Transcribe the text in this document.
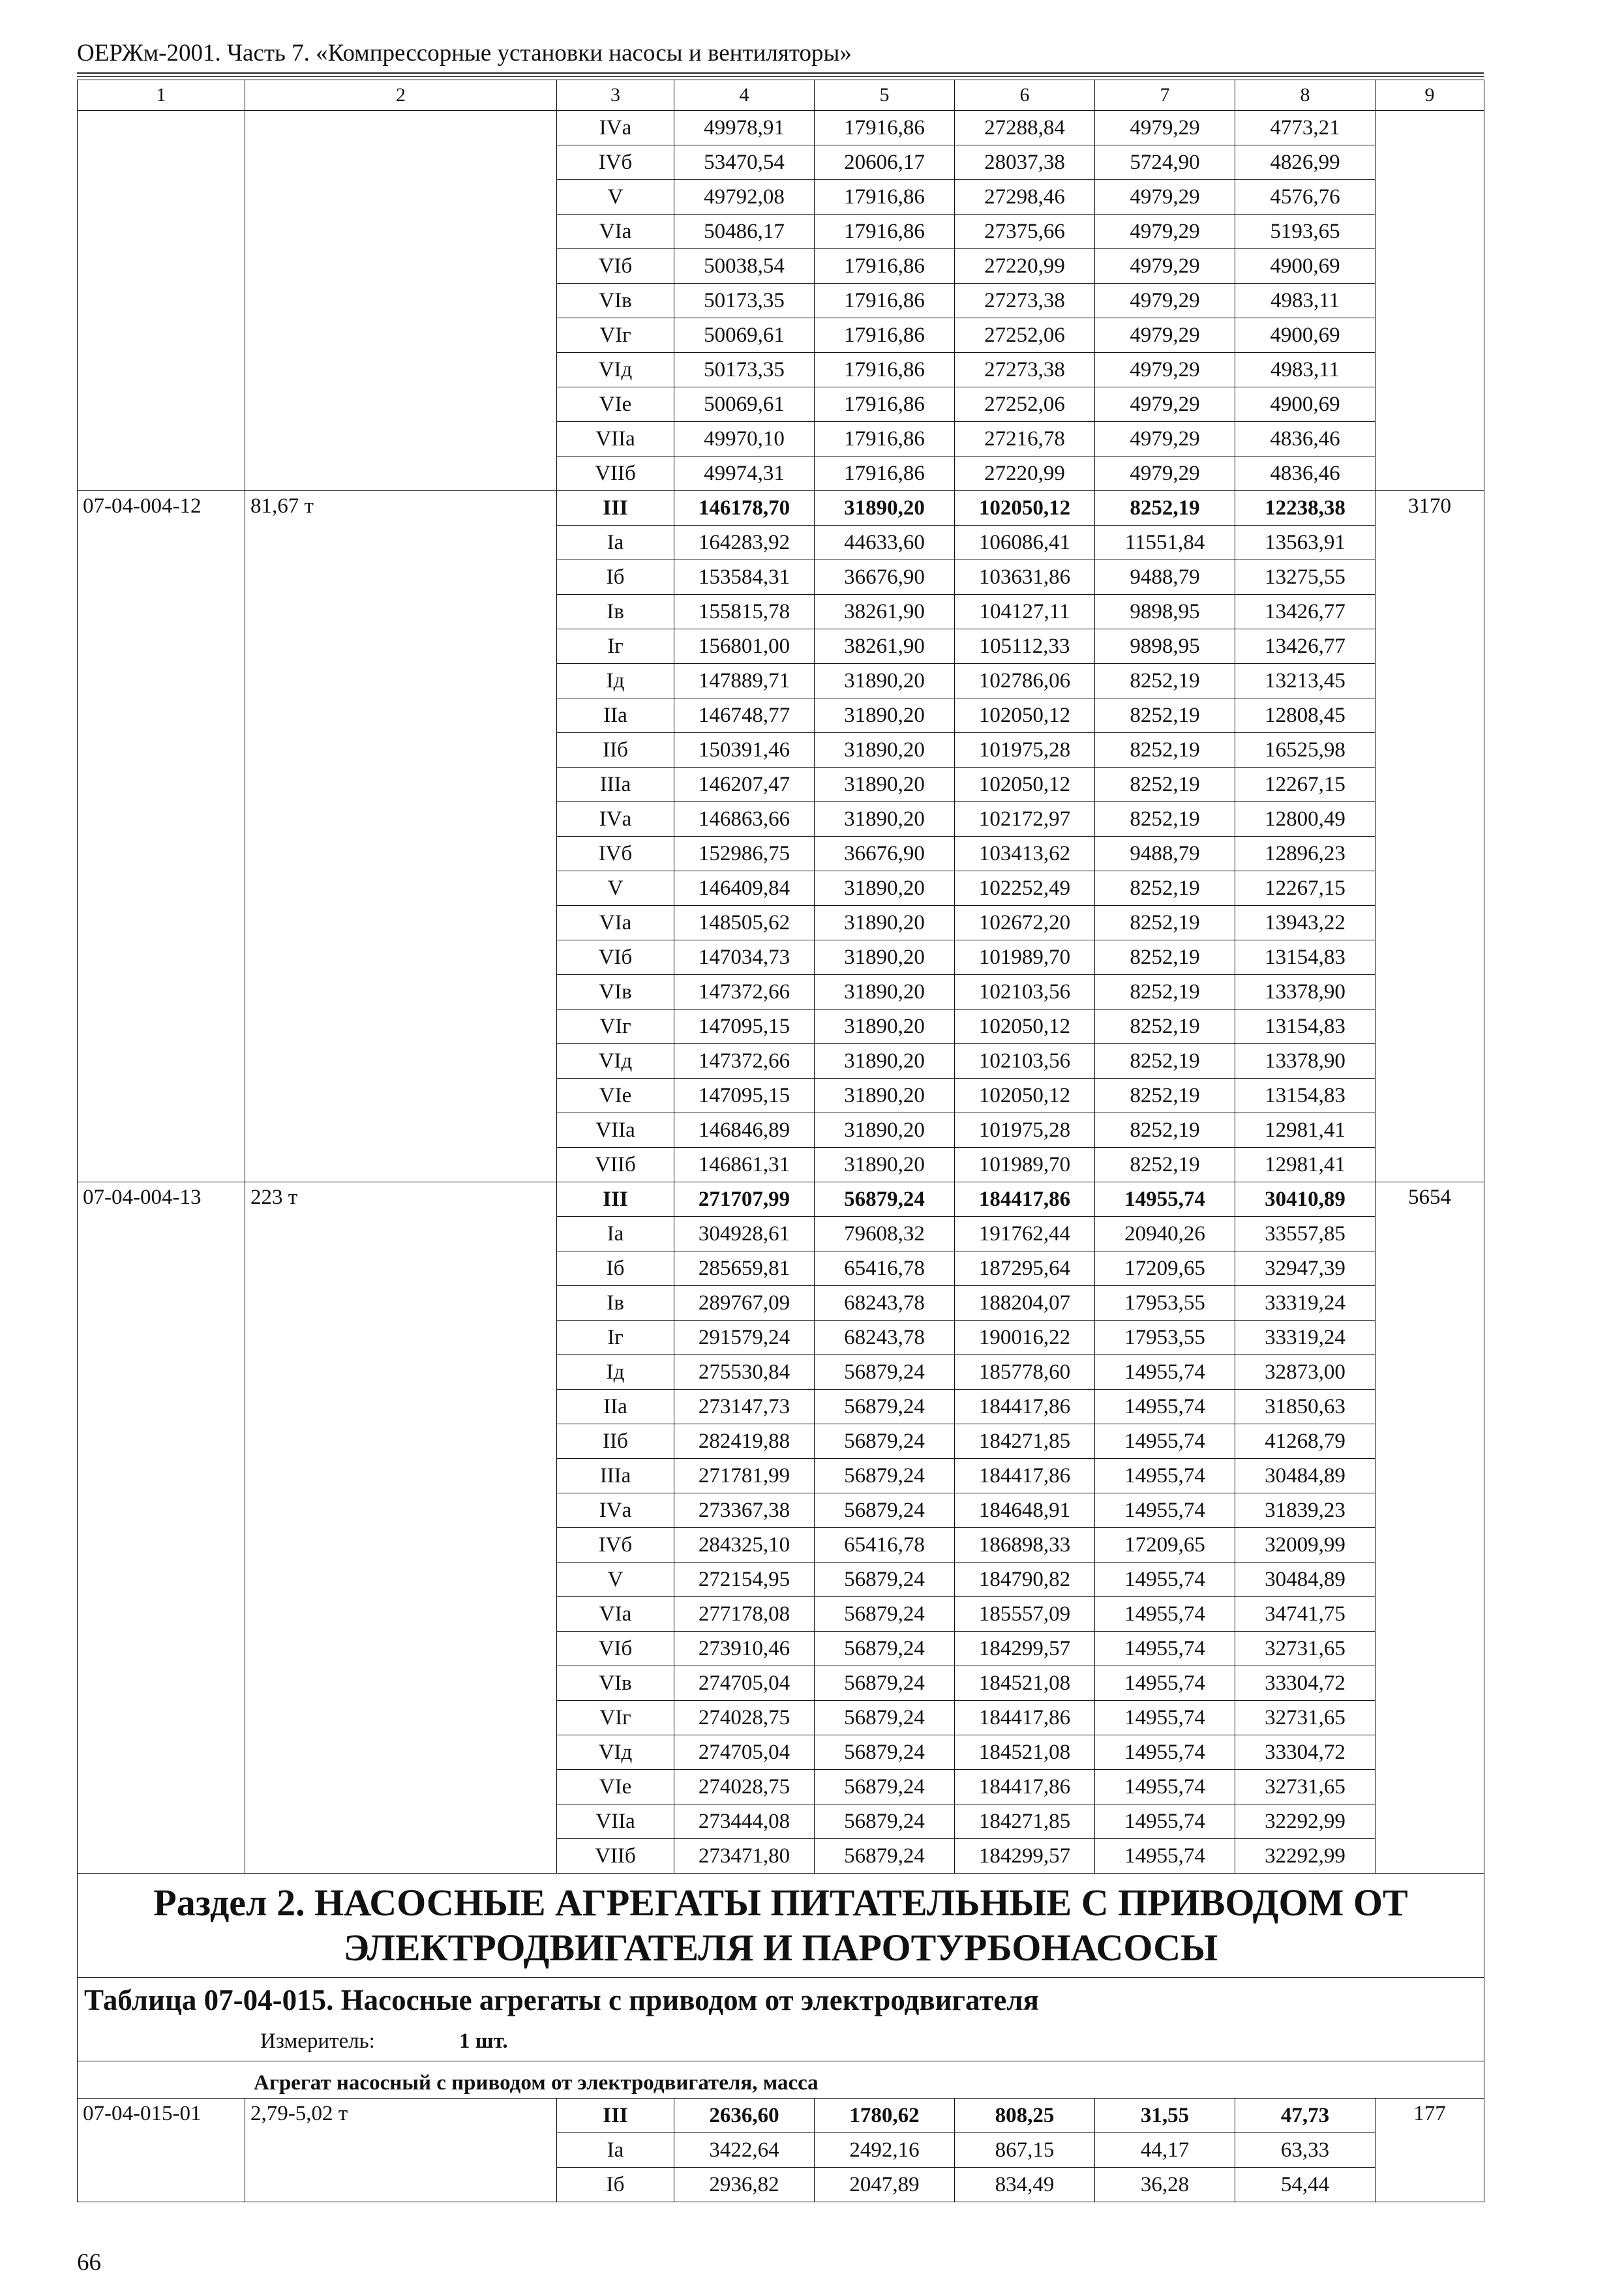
ОЕРЖм-2001. Часть 7. «Компрессорные установки насосы и вентиляторы»
1	2	3	4	5	6	7	8	9
		IVа	49978,91	17916,86	27288,84	4979,29	4773,21	
		IVб	53470,54	20606,17	28037,38	5724,90	4826,99	
		V	49792,08	17916,86	27298,46	4979,29	4576,76	
		VIа	50486,17	17916,86	27375,66	4979,29	5193,65	
		VIб	50038,54	17916,86	27220,99	4979,29	4900,69	
		VIв	50173,35	17916,86	27273,38	4979,29	4983,11	
		VIг	50069,61	17916,86	27252,06	4979,29	4900,69	
		VIд	50173,35	17916,86	27273,38	4979,29	4983,11	
		VIе	50069,61	17916,86	27252,06	4979,29	4900,69	
		VIIа	49970,10	17916,86	27216,78	4979,29	4836,46	
		VIIб	49974,31	17916,86	27220,99	4979,29	4836,46	
07-04-004-12	81,67 т	III	146178,70	31890,20	102050,12	8252,19	12238,38	3170
		Iа	164283,92	44633,60	106086,41	11551,84	13563,91	
		Iб	153584,31	36676,90	103631,86	9488,79	13275,55	
		Iв	155815,78	38261,90	104127,11	9898,95	13426,77	
		Iг	156801,00	38261,90	105112,33	9898,95	13426,77	
		Iд	147889,71	31890,20	102786,06	8252,19	13213,45	
		IIа	146748,77	31890,20	102050,12	8252,19	12808,45	
		IIб	150391,46	31890,20	101975,28	8252,19	16525,98	
		IIIа	146207,47	31890,20	102050,12	8252,19	12267,15	
		IVа	146863,66	31890,20	102172,97	8252,19	12800,49	
		IVб	152986,75	36676,90	103413,62	9488,79	12896,23	
		V	146409,84	31890,20	102252,49	8252,19	12267,15	
		VIа	148505,62	31890,20	102672,20	8252,19	13943,22	
		VIб	147034,73	31890,20	101989,70	8252,19	13154,83	
		VIв	147372,66	31890,20	102103,56	8252,19	13378,90	
		VIг	147095,15	31890,20	102050,12	8252,19	13154,83	
		VIд	147372,66	31890,20	102103,56	8252,19	13378,90	
		VIе	147095,15	31890,20	102050,12	8252,19	13154,83	
		VIIа	146846,89	31890,20	101975,28	8252,19	12981,41	
		VIIб	146861,31	31890,20	101989,70	8252,19	12981,41	
07-04-004-13	223 т	III	271707,99	56879,24	184417,86	14955,74	30410,89	5654
		Iа	304928,61	79608,32	191762,44	20940,26	33557,85	
		Iб	285659,81	65416,78	187295,64	17209,65	32947,39	
		Iв	289767,09	68243,78	188204,07	17953,55	33319,24	
		Iг	291579,24	68243,78	190016,22	17953,55	33319,24	
		Iд	275530,84	56879,24	185778,60	14955,74	32873,00	
		IIа	273147,73	56879,24	184417,86	14955,74	31850,63	
		IIб	282419,88	56879,24	184271,85	14955,74	41268,79	
		IIIа	271781,99	56879,24	184417,86	14955,74	30484,89	
		IVа	273367,38	56879,24	184648,91	14955,74	31839,23	
		IVб	284325,10	65416,78	186898,33	17209,65	32009,99	
		V	272154,95	56879,24	184790,82	14955,74	30484,89	
		VIа	277178,08	56879,24	185557,09	14955,74	34741,75	
		VIб	273910,46	56879,24	184299,57	14955,74	32731,65	
		VIв	274705,04	56879,24	184521,08	14955,74	33304,72	
		VIг	274028,75	56879,24	184417,86	14955,74	32731,65	
		VIд	274705,04	56879,24	184521,08	14955,74	33304,72	
		VIе	274028,75	56879,24	184417,86	14955,74	32731,65	
		VIIа	273444,08	56879,24	184271,85	14955,74	32292,99	
		VIIб	273471,80	56879,24	184299,57	14955,74	32292,99	
Раздел 2. НАСОСНЫЕ АГРЕГАТЫ ПИТАТЕЛЬНЫЕ С ПРИВОДОМ ОТ ЭЛЕКТРОДВИГАТЕЛЯ И ПАРОТУРБОНАСОСЫ								

Таблица 07-04-015. Насосные агрегаты с приводом от электродвигателя
Измеритель: 1 шт.								

Агрегат насосный с приводом от электродвигателя, масса								
07-04-015-01	2,79-5,02 т	III	2636,60	1780,62	808,25	31,55	47,73	177
		Iа	3422,64	2492,16	867,15	44,17	63,33	
		Iб	2936,82	2047,89	834,49	36,28	54,44	
66
